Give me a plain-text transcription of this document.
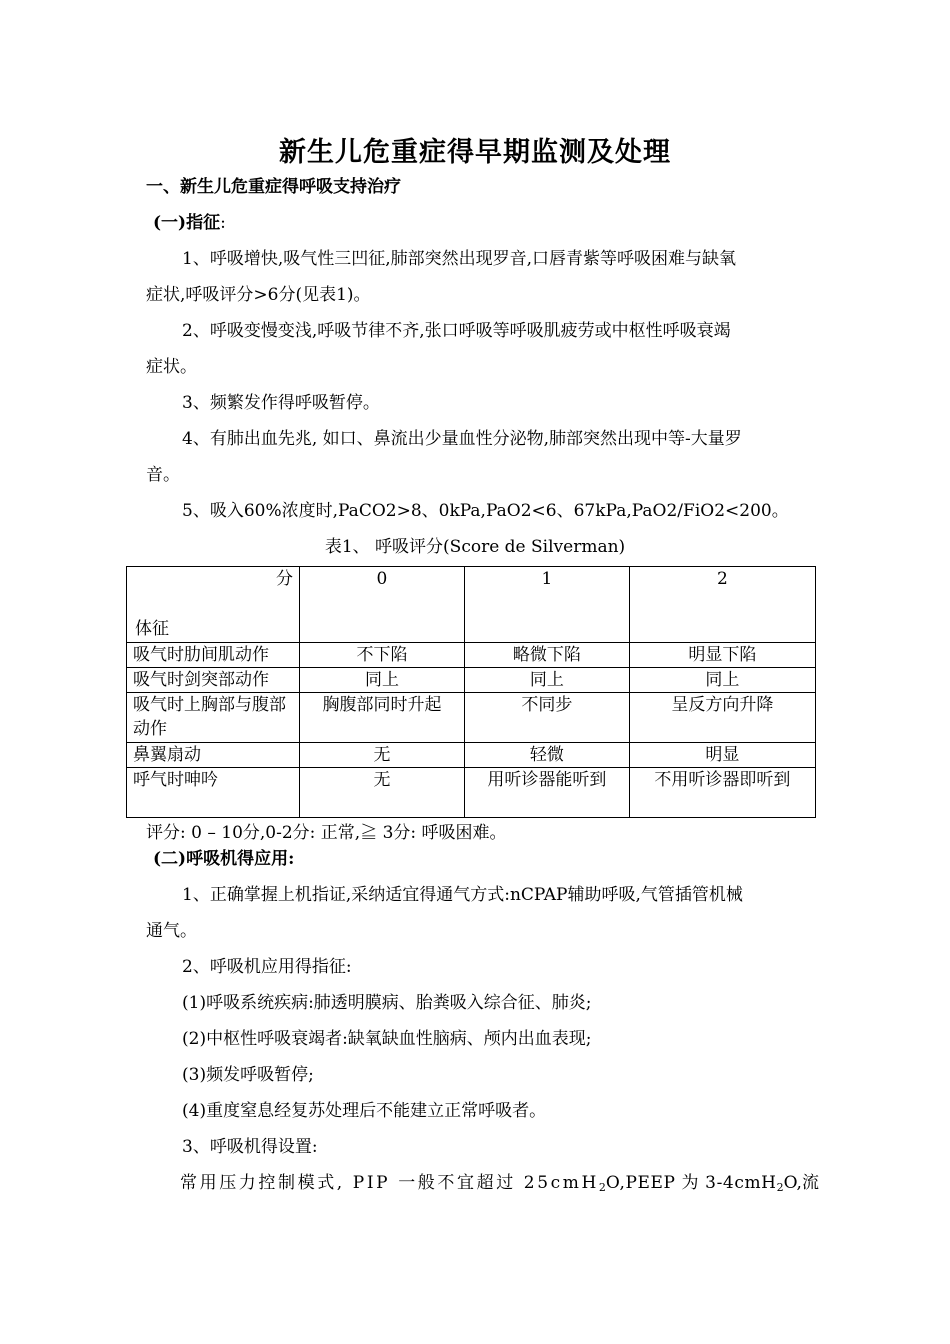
新生儿危重症得早期监测及处理
一、新生儿危重症得呼吸支持治疗
(一)指征:
1、呼吸增快,吸气性三凹征,肺部突然出现罗音,口唇青紫等呼吸困难与缺氧
症状,呼吸评分>6分(见表1)。
2、呼吸变慢变浅,呼吸节律不齐,张口呼吸等呼吸肌疲劳或中枢性呼吸衰竭
症状。
3、频繁发作得呼吸暂停。
4、有肺出血先兆, 如口、鼻流出少量血性分泌物,肺部突然出现中等-大量罗
音。
5、吸入60%浓度时,PaCO2>8、0kPa,PaO2<6、67kPa,PaO2/FiO2<200。
表1、 呼吸评分(Score de Silverman)
分
体征	0	1	2
吸气时肋间肌动作	不下陷	略微下陷	明显下陷
吸气时剑突部动作	同上	同上	同上
吸气时上胸部与腹部动作	胸腹部同时升起	不同步	呈反方向升降
鼻翼扇动	无	轻微	明显
呼气时呻吟	无	用听诊器能听到	不用听诊器即听到
评分: 0 – 10分,0-2分: 正常,≧ 3分: 呼吸困难。
(二)呼吸机得应用:
1、正确掌握上机指证,采纳适宜得通气方式:nCPAP辅助呼吸,气管插管机械
通气。
2、呼吸机应用得指征:
(1)呼吸系统疾病:肺透明膜病、胎粪吸入综合征、肺炎;
(2)中枢性呼吸衰竭者:缺氧缺血性脑病、颅内出血表现;
(3)频发呼吸暂停;
(4)重度窒息经复苏处理后不能建立正常呼吸者。
3、呼吸机得设置:
常用压力控制模式, PIP 一般不宜超过 25cmH $_2$O,PEEP 为 3-4cmH$_2$O,流
